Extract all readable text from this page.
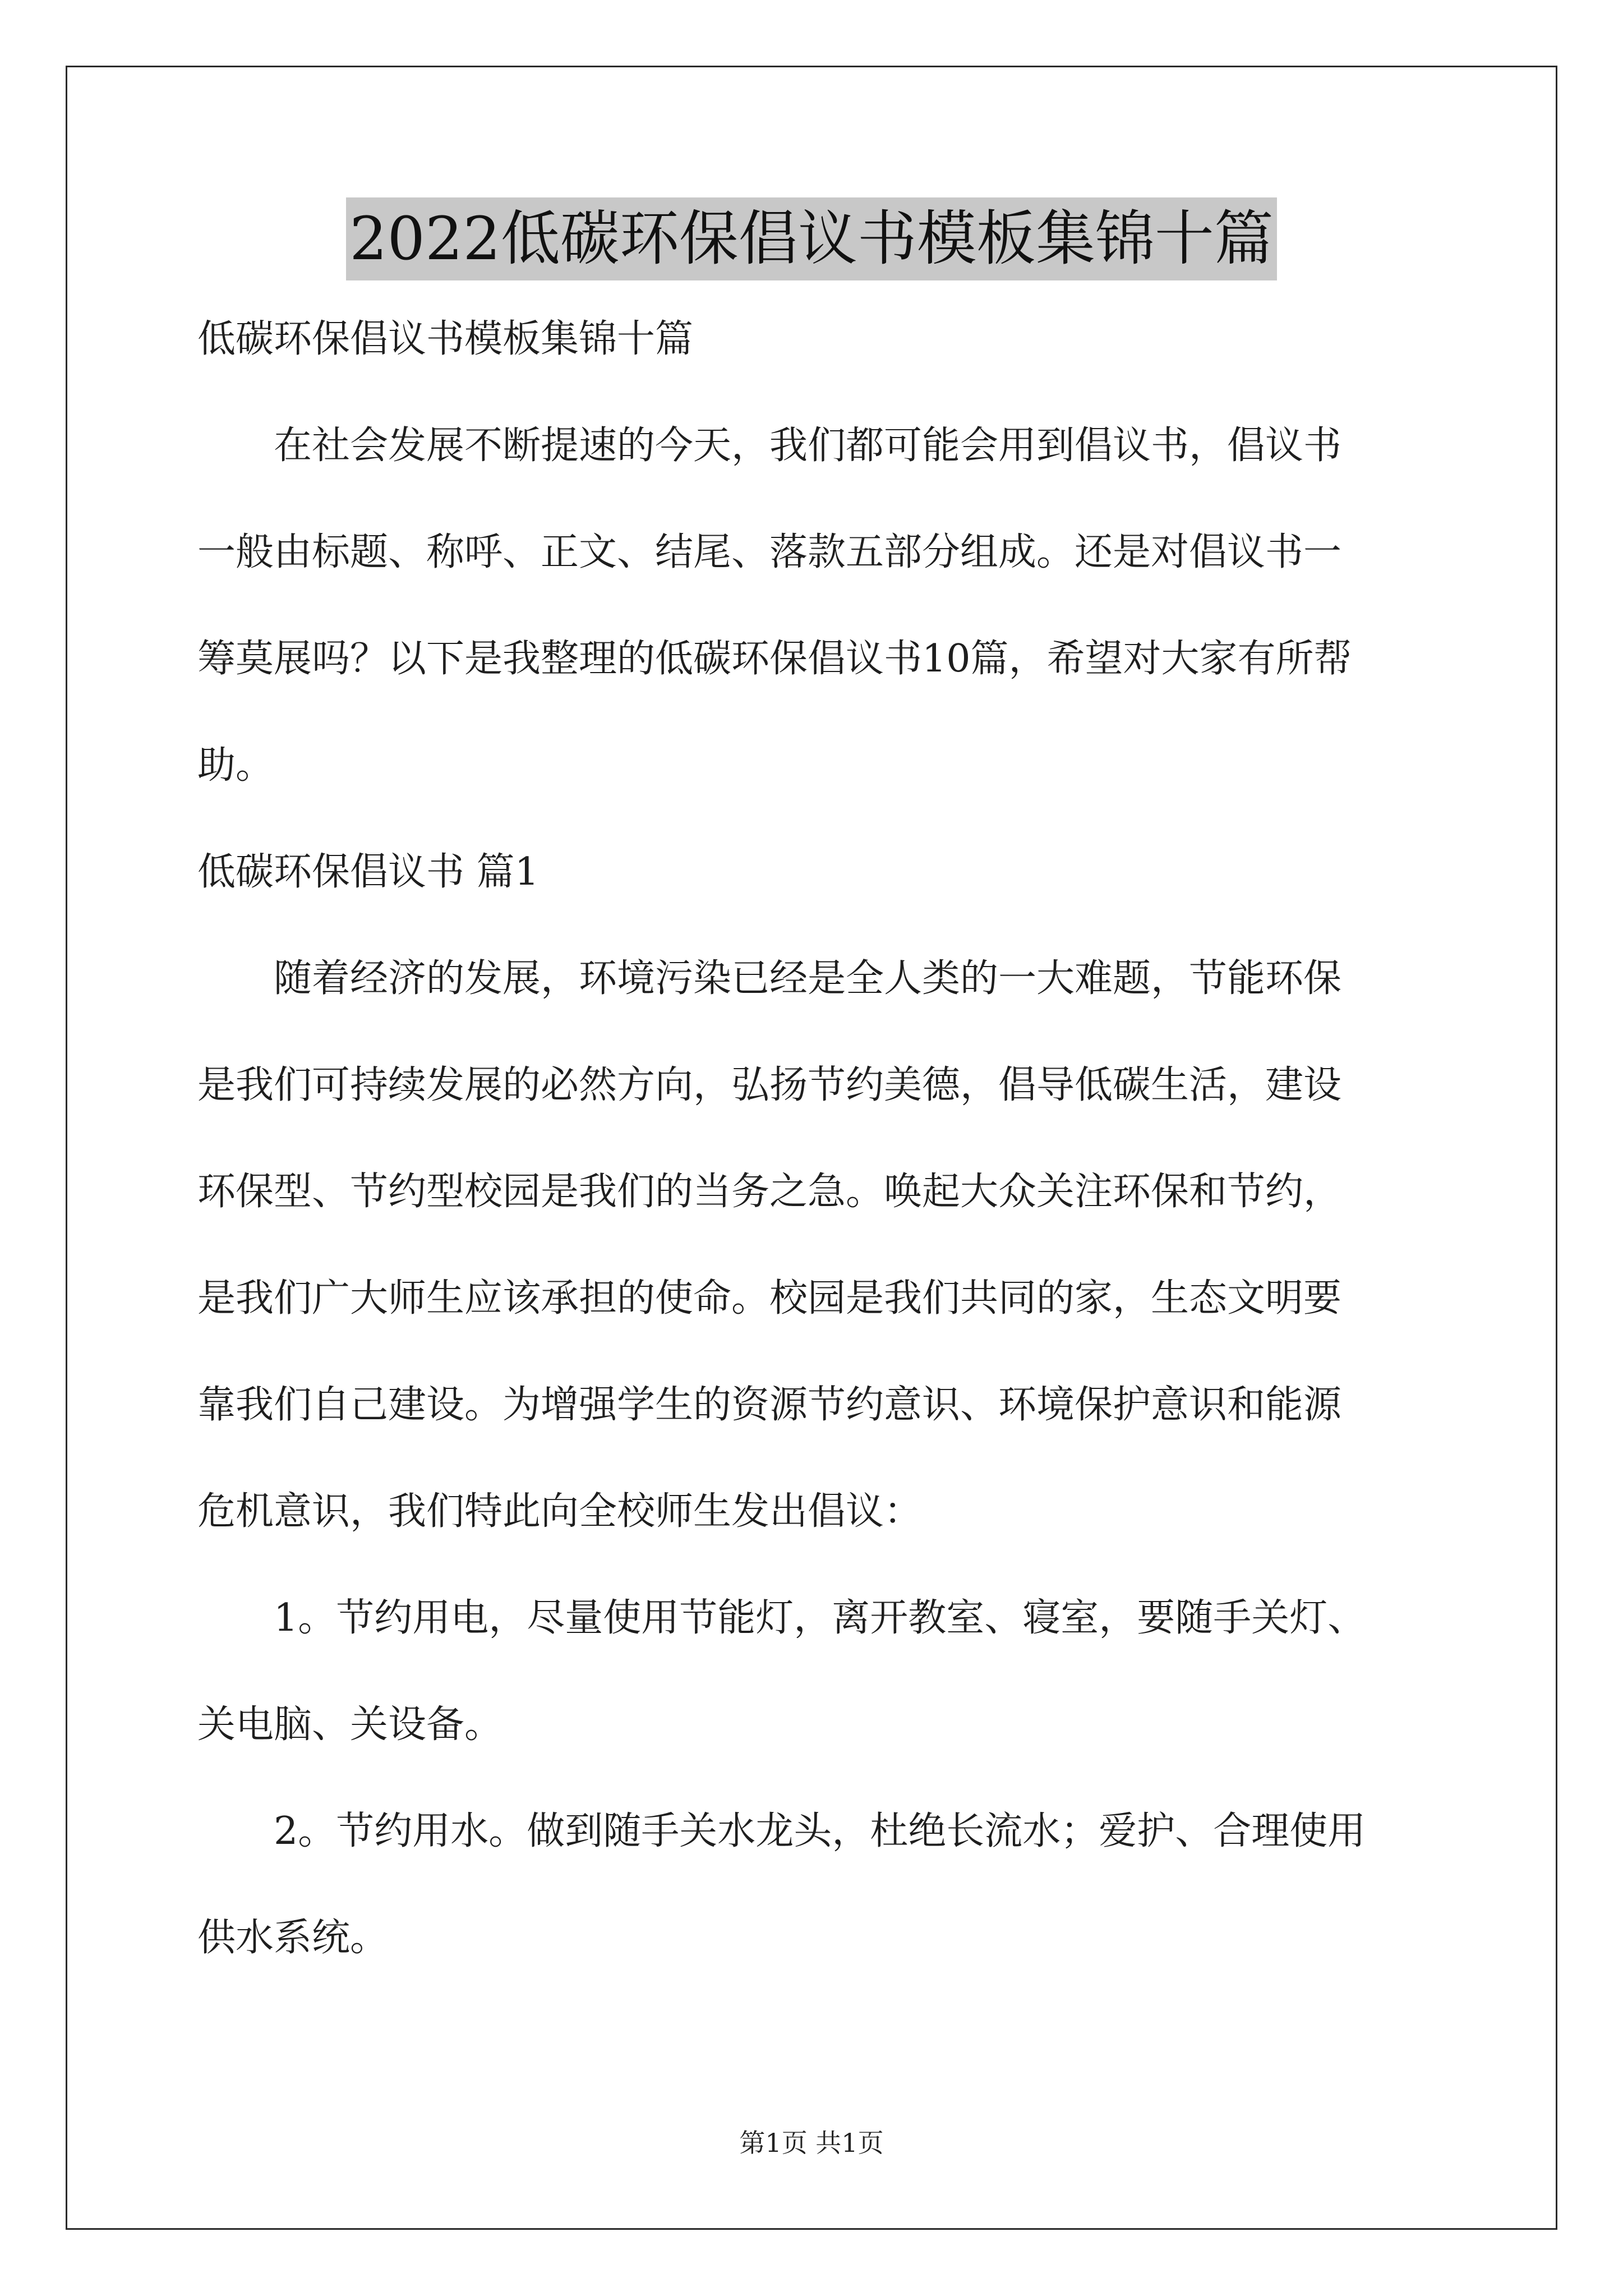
2022低碳环保倡议书模板集锦十篇
低碳环保倡议书模板集锦十篇
在社会发展不断提速的今天，我们都可能会用到倡议书，倡议书
一般由标题、称呼、正文、结尾、落款五部分组成。还是对倡议书一
筹莫展吗？以下是我整理的低碳环保倡议书10篇，希望对大家有所帮
助。
低碳环保倡议书 篇1
随着经济的发展，环境污染已经是全人类的一大难题，节能环保
是我们可持续发展的必然方向，弘扬节约美德，倡导低碳生活，建设
环保型、节约型校园是我们的当务之急。唤起大众关注环保和节约，
是我们广大师生应该承担的使命。校园是我们共同的家，生态文明要
靠我们自己建设。为增强学生的资源节约意识、环境保护意识和能源
危机意识，我们特此向全校师生发出倡议：
1。节约用电，尽量使用节能灯，离开教室、寝室，要随手关灯、
关电脑、关设备。
2。节约用水。做到随手关水龙头，杜绝长流水；爱护、合理使用
供水系统。
第1页 共1页
